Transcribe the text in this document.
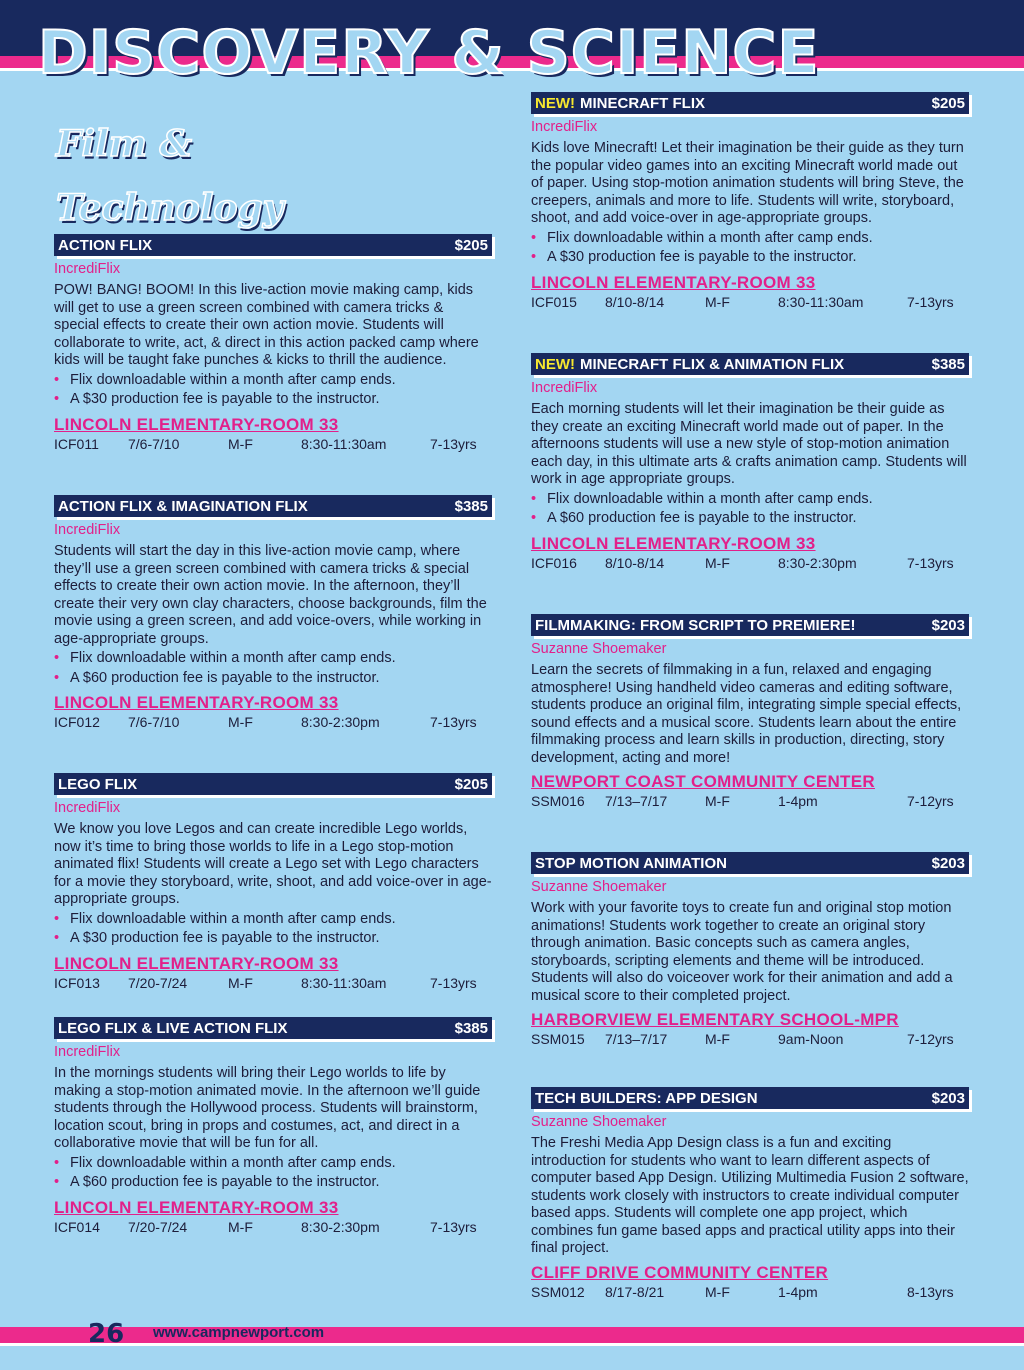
DISCOVERY & SCIENCE
Film &
Technology
ACTION FLIX	$205
IncrediFlix
POW! BANG! BOOM! In this live-action movie making camp, kids will get to use a green screen combined with camera tricks & special effects to create their own action movie. Students will collaborate to write, act, & direct in this action packed camp where kids will be taught fake punches & kicks to thrill the audience.
• Flix downloadable within a month after camp ends.
• A $30 production fee is payable to the instructor.
LINCOLN ELEMENTARY-ROOM 33
ICF011	7/6-7/10	M-F	8:30-11:30am	7-13yrs
ACTION FLIX & IMAGINATION FLIX	$385
IncrediFlix
Students will start the day in this live-action movie camp, where they’ll use a green screen combined with camera tricks & special effects to create their own action movie. In the afternoon, they’ll create their very own clay characters, choose backgrounds, film the movie using a green screen, and add voice-overs, while working in age-appropriate groups.
• Flix downloadable within a month after camp ends.
• A $60 production fee is payable to the instructor.
LINCOLN ELEMENTARY-ROOM 33
ICF012	7/6-7/10	M-F	8:30-2:30pm	7-13yrs
LEGO FLIX	$205
IncrediFlix
We know you love Legos and can create incredible Lego worlds, now it’s time to bring those worlds to life in a Lego stop-motion animated flix! Students will create a Lego set with Lego characters for a movie they storyboard, write, shoot, and add voice-over in age-appropriate groups.
• Flix downloadable within a month after camp ends.
• A $30 production fee is payable to the instructor.
LINCOLN ELEMENTARY-ROOM 33
ICF013	7/20-7/24	M-F	8:30-11:30am	7-13yrs
LEGO FLIX & LIVE ACTION FLIX	$385
IncrediFlix
In the mornings students will bring their Lego worlds to life by making a stop-motion animated movie. In the afternoon we’ll guide students through the Hollywood process. Students will brainstorm, location scout, bring in props and costumes, act, and direct in a collaborative movie that will be fun for all.
• Flix downloadable within a month after camp ends.
• A $60 production fee is payable to the instructor.
LINCOLN ELEMENTARY-ROOM 33
ICF014	7/20-7/24	M-F	8:30-2:30pm	7-13yrs
NEW! MINECRAFT FLIX	$205
IncrediFlix
Kids love Minecraft! Let their imagination be their guide as they turn the popular video games into an exciting Minecraft world made out of paper. Using stop-motion animation students will bring Steve, the creepers, animals and more to life. Students will write, storyboard, shoot, and add voice-over in age-appropriate groups.
• Flix downloadable within a month after camp ends.
• A $30 production fee is payable to the instructor.
LINCOLN ELEMENTARY-ROOM 33
ICF015	8/10-8/14	M-F	8:30-11:30am	7-13yrs
NEW! MINECRAFT FLIX & ANIMATION FLIX	$385
IncrediFlix
Each morning students will let their imagination be their guide as they create an exciting Minecraft world made out of paper. In the afternoons students will use a new style of stop-motion animation each day, in this ultimate arts & crafts animation camp. Students will work in age appropriate groups.
• Flix downloadable within a month after camp ends.
• A $60 production fee is payable to the instructor.
LINCOLN ELEMENTARY-ROOM 33
ICF016	8/10-8/14	M-F	8:30-2:30pm	7-13yrs
FILMMAKING: FROM SCRIPT TO PREMIERE!	$203
Suzanne Shoemaker
Learn the secrets of filmmaking in a fun, relaxed and engaging atmosphere! Using handheld video cameras and editing software, students produce an original film, integrating simple special effects, sound effects and a musical score. Students learn about the entire filmmaking process and learn skills in production, directing, story development, acting and more!
NEWPORT COAST COMMUNITY CENTER
SSM016	7/13–7/17	M-F	1-4pm	7-12yrs
STOP MOTION ANIMATION	$203
Suzanne Shoemaker
Work with your favorite toys to create fun and original stop motion animations! Students work together to create an original story through animation. Basic concepts such as camera angles, storyboards, scripting elements and theme will be introduced. Students will also do voiceover work for their animation and add a musical score to their completed project.
HARBORVIEW ELEMENTARY SCHOOL-MPR
SSM015	7/13–7/17	M-F	9am-Noon	7-12yrs
TECH BUILDERS: APP DESIGN	$203
Suzanne Shoemaker
The Freshi Media App Design class is a fun and exciting introduction for students who want to learn different aspects of computer based App Design. Utilizing Multimedia Fusion 2 software, students work closely with instructors to create individual computer based apps. Students will complete one app project, which combines fun game based apps and practical utility apps into their final project.
CLIFF DRIVE COMMUNITY CENTER
SSM012	8/17-8/21	M-F	1-4pm	8-13yrs
26 www.campnewport.com
